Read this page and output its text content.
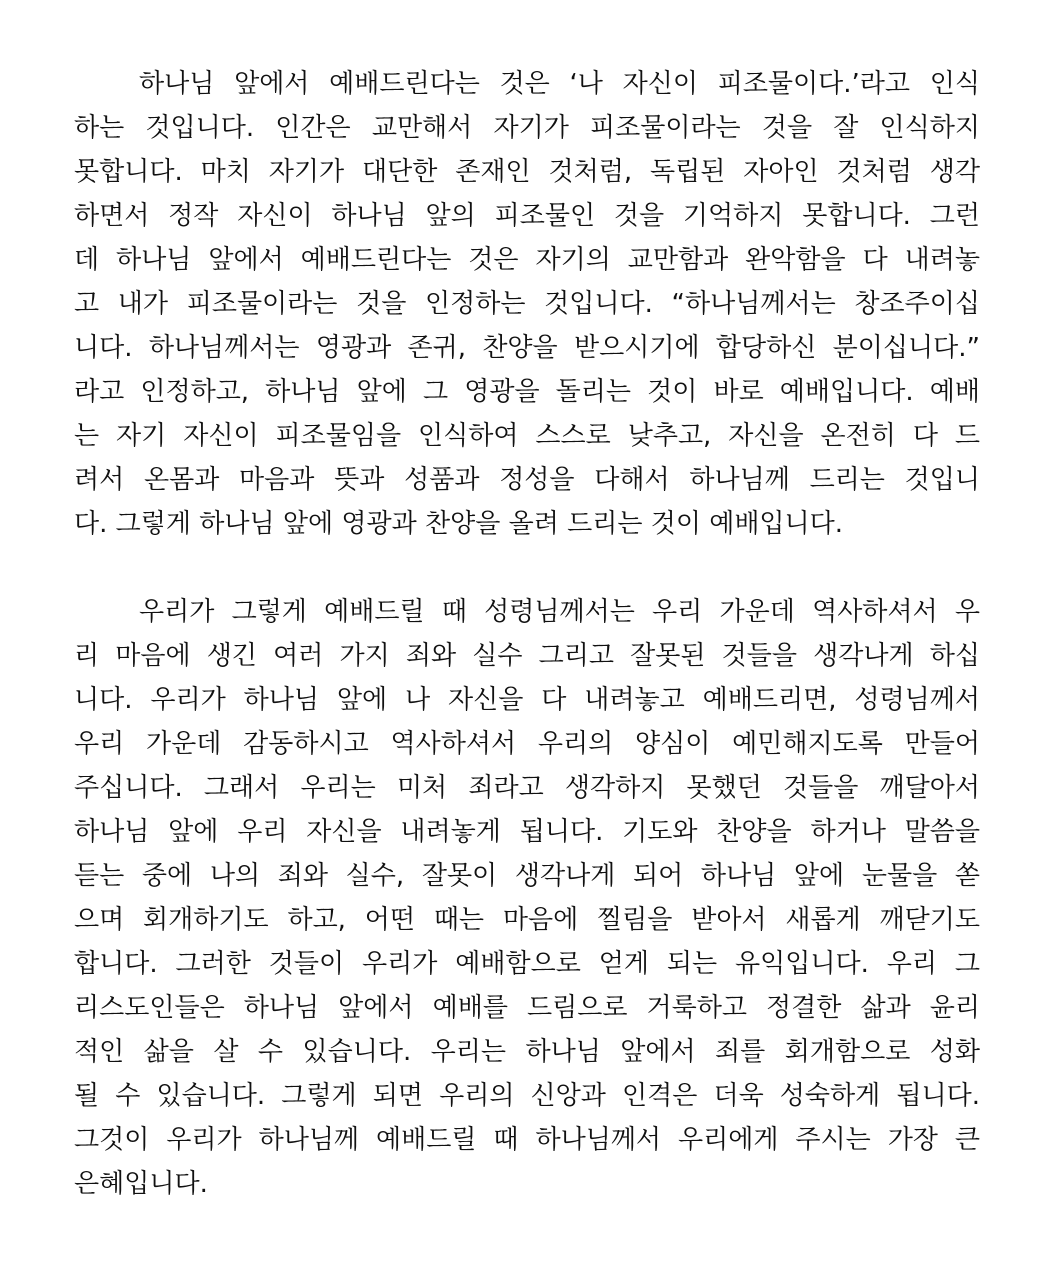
하나님 앞에서 예배드린다는 것은 ‘나 자신이 피조물이다.’라고 인식
하는 것입니다. 인간은 교만해서 자기가 피조물이라는 것을 잘 인식하지
못합니다. 마치 자기가 대단한 존재인 것처럼, 독립된 자아인 것처럼 생각
하면서 정작 자신이 하나님 앞의 피조물인 것을 기억하지 못합니다. 그런
데 하나님 앞에서 예배드린다는 것은 자기의 교만함과 완악함을 다 내려놓
고 내가 피조물이라는 것을 인정하는 것입니다. “하나님께서는 창조주이십
니다. 하나님께서는 영광과 존귀, 찬양을 받으시기에 합당하신 분이십니다.”
라고 인정하고, 하나님 앞에 그 영광을 돌리는 것이 바로 예배입니다. 예배
는 자기 자신이 피조물임을 인식하여 스스로 낮추고, 자신을 온전히 다 드
려서 온몸과 마음과 뜻과 성품과 정성을 다해서 하나님께 드리는 것입니
다. 그렇게 하나님 앞에 영광과 찬양을 올려 드리는 것이 예배입니다.

우리가 그렇게 예배드릴 때 성령님께서는 우리 가운데 역사하셔서 우
리 마음에 생긴 여러 가지 죄와 실수 그리고 잘못된 것들을 생각나게 하십
니다. 우리가 하나님 앞에 나 자신을 다 내려놓고 예배드리면, 성령님께서
우리 가운데 감동하시고 역사하셔서 우리의 양심이 예민해지도록 만들어
주십니다. 그래서 우리는 미처 죄라고 생각하지 못했던 것들을 깨달아서
하나님 앞에 우리 자신을 내려놓게 됩니다. 기도와 찬양을 하거나 말씀을
듣는 중에 나의 죄와 실수, 잘못이 생각나게 되어 하나님 앞에 눈물을 쏟
으며 회개하기도 하고, 어떤 때는 마음에 찔림을 받아서 새롭게 깨닫기도
합니다. 그러한 것들이 우리가 예배함으로 얻게 되는 유익입니다. 우리 그
리스도인들은 하나님 앞에서 예배를 드림으로 거룩하고 정결한 삶과 윤리
적인 삶을 살 수 있습니다. 우리는 하나님 앞에서 죄를 회개함으로 성화
될 수 있습니다. 그렇게 되면 우리의 신앙과 인격은 더욱 성숙하게 됩니다.
그것이 우리가 하나님께 예배드릴 때 하나님께서 우리에게 주시는 가장 큰
은혜입니다.
